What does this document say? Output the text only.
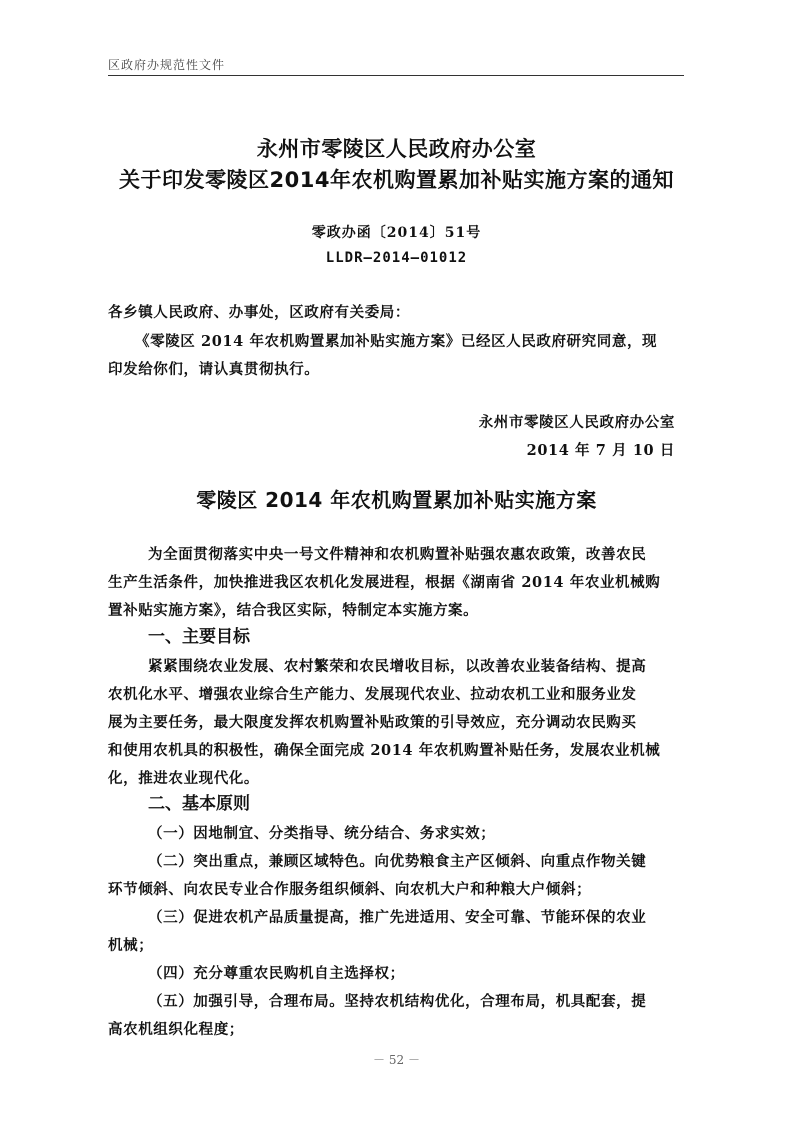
区政府办规范性文件
永州市零陵区人民政府办公室
关于印发零陵区2014年农机购置累加补贴实施方案的通知
零政办函〔2014〕51号
LLDR—2014—01012
各乡镇人民政府、办事处，区政府有关委局：
《零陵区 2014 年农机购置累加补贴实施方案》已经区人民政府研究同意，现
印发给你们，请认真贯彻执行。
永州市零陵区人民政府办公室
2014 年 7 月 10 日
零陵区 2014 年农机购置累加补贴实施方案
为全面贯彻落实中央一号文件精神和农机购置补贴强农惠农政策，改善农民
生产生活条件，加快推进我区农机化发展进程，根据《湖南省 2014 年农业机械购
置补贴实施方案》，结合我区实际，特制定本实施方案。
一、主要目标
紧紧围绕农业发展、农村繁荣和农民增收目标，以改善农业装备结构、提高
农机化水平、增强农业综合生产能力、发展现代农业、拉动农机工业和服务业发
展为主要任务，最大限度发挥农机购置补贴政策的引导效应，充分调动农民购买
和使用农机具的积极性，确保全面完成 2014 年农机购置补贴任务，发展农业机械
化，推进农业现代化。
二、基本原则
（一）因地制宜、分类指导、统分结合、务求实效；
（二）突出重点，兼顾区域特色。向优势粮食主产区倾斜、向重点作物关键
环节倾斜、向农民专业合作服务组织倾斜、向农机大户和种粮大户倾斜；
（三）促进农机产品质量提高，推广先进适用、安全可靠、节能环保的农业
机械；
（四）充分尊重农民购机自主选择权；
（五）加强引导，合理布局。坚持农机结构优化，合理布局，机具配套，提
高农机组织化程度；
－ 52 －
